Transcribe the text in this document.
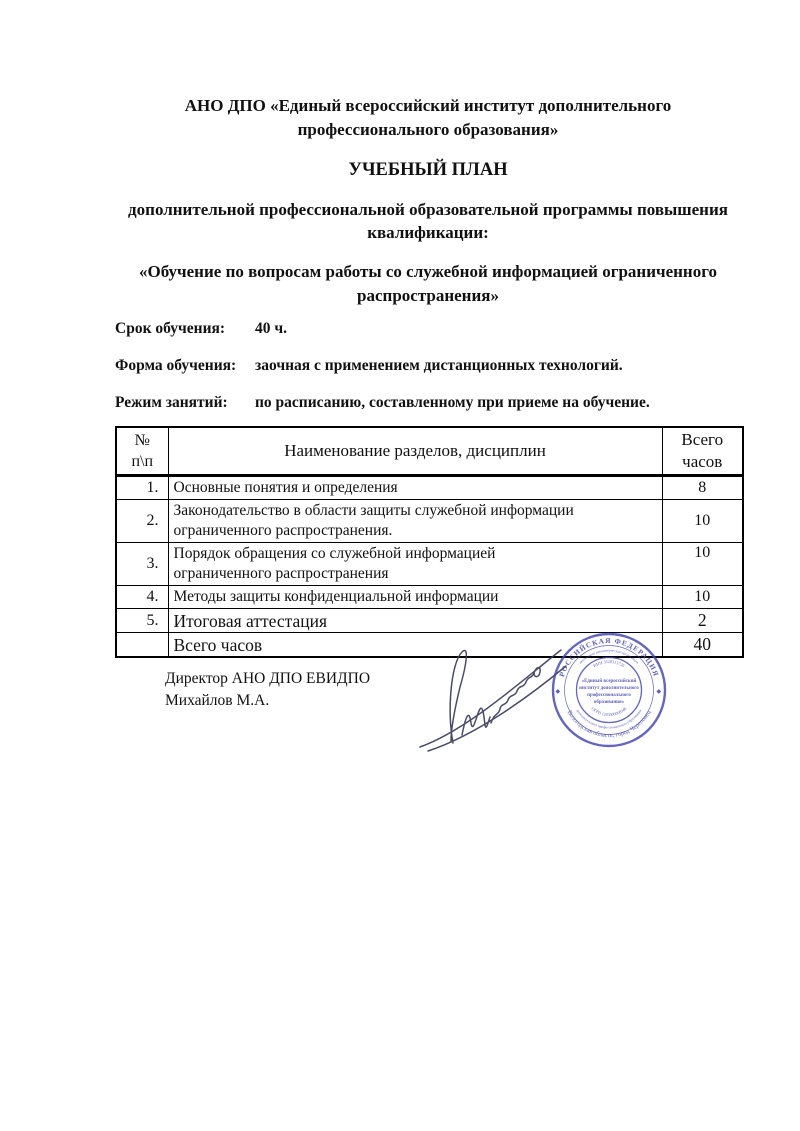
АНО ДПО «Единый всероссийский институт дополнительного профессионального образования»
УЧЕБНЫЙ ПЛАН
дополнительной профессиональной образовательной программы повышения квалификации:
«Обучение по вопросам работы со служебной информацией ограниченного распространения»
Срок обучения:	40 ч.
Форма обучения:	заочная с применением дистанционных технологий.
Режим занятий:	по расписанию, составленному при приеме на обучение.
№
п\п	Наименование разделов, дисциплин	Всего часов
1.	Основные понятия и определения	8
2.	Законодательство в области защиты служебной информации
ограниченного распространения.	10
3.	Порядок обращения со служебной информацией
ограниченного распространения	10
4.	Методы защиты конфиденциальной информации	10
5.	Итоговая аттестация	2

	Всего часов	40
Директор АНО ДПО ЕВИДПО
Михайлов М.А.
РОССИЙСКАЯ ФЕДЕРАЦИЯ
Вологодская область, город Череповец
автономная некоммерческая организация
дополнительного профессионального образования
ИНН 3528313726
ОГРН 1203500008346
«Единый всероссийский
институт дополнительного
профессионального
образования»
◆	◆
